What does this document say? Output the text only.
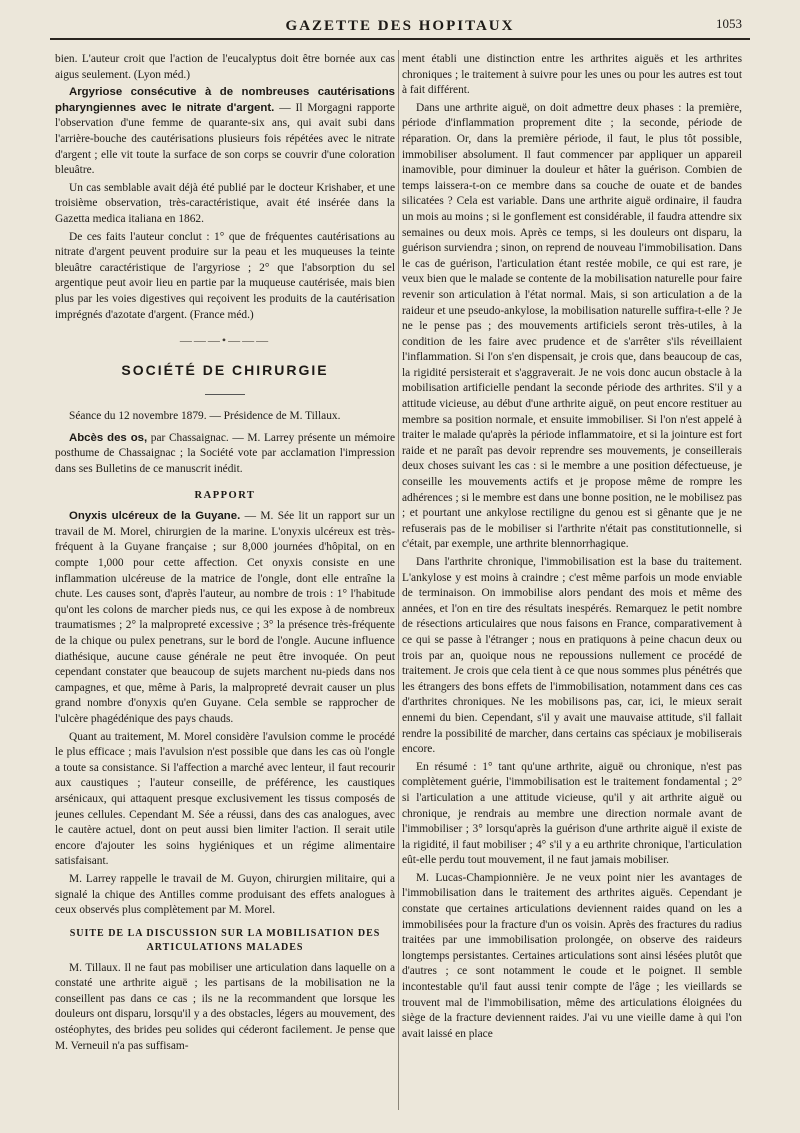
GAZETTE DES HOPITAUX	1053

bien. L'auteur croit que l'action de l'eucalyptus doit être bornée aux cas aigus seulement. (Lyon méd.)

Argyriose consécutive à de nombreuses cautérisations pharyngiennes avec le nitrate d'argent. — Il Morgagni rapporte l'observation d'une femme de quarante-six ans, qui avait subi dans l'arrière-bouche des cautérisations plusieurs fois répétées avec le nitrate d'argent ; elle vit toute la surface de son corps se couvrir d'une coloration bleuâtre.

Un cas semblable avait déjà été publié par le docteur Krishaber, et une troisième observation, très-caractéristique, avait été insérée dans la Gazetta medica italiana en 1862.

De ces faits l'auteur conclut : 1° que de fréquentes cautérisations au nitrate d'argent peuvent produire sur la peau et les muqueuses la teinte bleuâtre caractéristique de l'argyriose ; 2° que l'absorption du sel argentique peut avoir lieu en partie par la muqueuse cautérisée, mais bien plus par les voies digestives qui reçoivent les produits de la cautérisation imprégnés d'azotate d'argent. (France méd.)

———•———
SOCIÉTÉ DE CHIRURGIE

Séance du 12 novembre 1879. — Présidence de M. Tillaux.

Abcès des os, par Chassaignac. — M. Larrey présente un mémoire posthume de Chassaignac ; la Société vote par acclamation l'impression dans ses Bulletins de ce manuscrit inédit.

RAPPORT

Onyxis ulcéreux de la Guyane. — M. Sée lit un rapport sur un travail de M. Morel, chirurgien de la marine. L'onyxis ulcéreux est très-fréquent à la Guyane française ; sur 8,000 journées d'hôpital, on en compte 1,000 pour cette affection. Cet onyxis consiste en une inflammation ulcéreuse de la matrice de l'ongle, dont elle entraîne la chute. Les causes sont, d'après l'auteur, au nombre de trois : 1° l'habitude qu'ont les colons de marcher pieds nus, ce qui les expose à de nombreux traumatismes ; 2° la malpropreté excessive ; 3° la présence très-fréquente de la chique ou pulex penetrans, sur le bord de l'ongle. Aucune influence diathésique, aucune cause générale ne peut être invoquée. On peut cependant constater que beaucoup de sujets marchent nu-pieds dans nos campagnes, et que, même à Paris, la malpropreté devrait causer un plus grand nombre d'onyxis qu'en Guyane. Cela semble se rapprocher de l'ulcère phagédénique des pays chauds.

Quant au traitement, M. Morel considère l'avulsion comme le procédé le plus efficace ; mais l'avulsion n'est possible que dans les cas où l'ongle a toute sa consistance. Si l'affection a marché avec lenteur, il faut recourir aux caustiques ; l'auteur conseille, de préférence, les caustiques arsénicaux, qui attaquent presque exclusivement les tissus composés de jeunes cellules. Cependant M. Sée a réussi, dans des cas analogues, avec le cautère actuel, dont on peut aussi bien limiter l'action. Il serait utile encore d'ajouter les soins hygiéniques et un régime alimentaire satisfaisant.

M. Larrey rappelle le travail de M. Guyon, chirurgien militaire, qui a signalé la chique des Antilles comme produisant des effets analogues à ceux observés plus complètement par M. Morel.

SUITE DE LA DISCUSSION SUR LA MOBILISATION DES ARTICULATIONS MALADES

M. Tillaux. Il ne faut pas mobiliser une articulation dans laquelle on a constaté une arthrite aiguë ; les partisans de la mobilisation ne la conseillent pas dans ce cas ; ils ne la recommandent que lorsque les douleurs ont disparu, lorsqu'il y a des obstacles, légers au mouvement, des ostéophytes, des brides peu solides qui céderont facilement. Je pense que M. Verneuil n'a pas suffisam-

ment établi une distinction entre les arthrites aiguës et les arthrites chroniques ; le traitement à suivre pour les unes ou pour les autres est tout à fait différent.

Dans une arthrite aiguë, on doit admettre deux phases : la première, période d'inflammation proprement dite ; la seconde, période de réparation. Or, dans la première période, il faut, le plus tôt possible, immobiliser absolument. Il faut commencer par appliquer un appareil inamovible, pour diminuer la douleur et hâter la guérison. Combien de temps laissera-t-on ce membre dans sa couche de ouate et de bandes silicatées ? Cela est variable. Dans une arthrite aiguë ordinaire, il faudra un mois au moins ; si le gonflement est considérable, il faudra attendre six semaines ou deux mois. Après ce temps, si les douleurs ont disparu, la guérison surviendra ; sinon, on reprend de nouveau l'immobilisation. Dans le cas de guérison, l'articulation étant restée mobile, ce qui est rare, je veux bien que le malade se contente de la mobilisation naturelle pour faire revenir son articulation à l'état normal. Mais, si son articulation a de la raideur et une pseudo-ankylose, la mobilisation naturelle suffira-t-elle ? Je ne le pense pas ; des mouvements artificiels seront très-utiles, à la condition de les faire avec prudence et de s'arrêter s'ils réveillaient l'inflammation. Si l'on s'en dispensait, je crois que, dans beaucoup de cas, la rigidité persisterait et s'aggraverait. Je ne vois donc aucun obstacle à la mobilisation artificielle pendant la seconde période des arthrites. S'il y a attitude vicieuse, au début d'une arthrite aiguë, on peut encore restituer au membre sa position normale, et ensuite immobiliser. Si l'on n'est appelé à traiter le malade qu'après la période inflammatoire, et si la jointure est fort raide et ne paraît pas devoir reprendre ses mouvements, je conseillerais deux choses suivant les cas : si le membre a une position défectueuse, je conseille les mouvements actifs et je propose même de rompre les adhérences ; si le membre est dans une bonne position, ne le mobilisez pas ; et pourtant une ankylose rectiligne du genou est si gênante que je ne refuserais pas de le mobiliser si l'arthrite n'était pas constitutionnelle, si c'était, par exemple, une arthrite blennorrhagique.

Dans l'arthrite chronique, l'immobilisation est la base du traitement. L'ankylose y est moins à craindre ; c'est même parfois un mode enviable de terminaison. On immobilise alors pendant des mois et même des années, et l'on en tire des résultats inespérés. Remarquez le petit nombre de résections articulaires que nous faisons en France, comparativement à ce qui se passe à l'étranger ; nous en pratiquons à peine chacun deux ou trois par an, quoique nous ne repoussions nullement ce procédé de traitement. Je crois que cela tient à ce que nous sommes plus pénétrés que les étrangers des bons effets de l'immobilisation, notamment dans ces cas d'arthrites chroniques. Ne les mobilisons pas, car, ici, le mieux serait ennemi du bien. Cependant, s'il y avait une mauvaise attitude, s'il fallait rendre la possibilité de marcher, dans certains cas spéciaux je mobiliserais encore.

En résumé : 1° tant qu'une arthrite, aiguë ou chronique, n'est pas complètement guérie, l'immobilisation est le traitement fondamental ; 2° si l'articulation a une attitude vicieuse, qu'il y ait arthrite aiguë ou chronique, je rendrais au membre une direction normale avant de l'immobiliser ; 3° lorsqu'après la guérison d'une arthrite aiguë il existe de la rigidité, il faut mobiliser ; 4° s'il y a eu arthrite chronique, l'articulation eût-elle perdu tout mouvement, il ne faut jamais mobiliser.

M. Lucas-Championnière. Je ne veux point nier les avantages de l'immobilisation dans le traitement des arthrites aiguës. Cependant je constate que certaines articulations deviennent raides quand on les a immobilisées pour la fracture d'un os voisin. Après des fractures du radius traitées par une immobilisation prolongée, on observe des raideurs longtemps persistantes. Certaines articulations sont ainsi lésées plutôt que d'autres ; ce sont notamment le coude et le poignet. Il semble incontestable qu'il faut aussi tenir compte de l'âge ; les vieillards se trouvent mal de l'immobilisation, même des articulations éloignées du siège de la fracture deviennent raides. J'ai vu une vieille dame à qui l'on avait laissé en place
